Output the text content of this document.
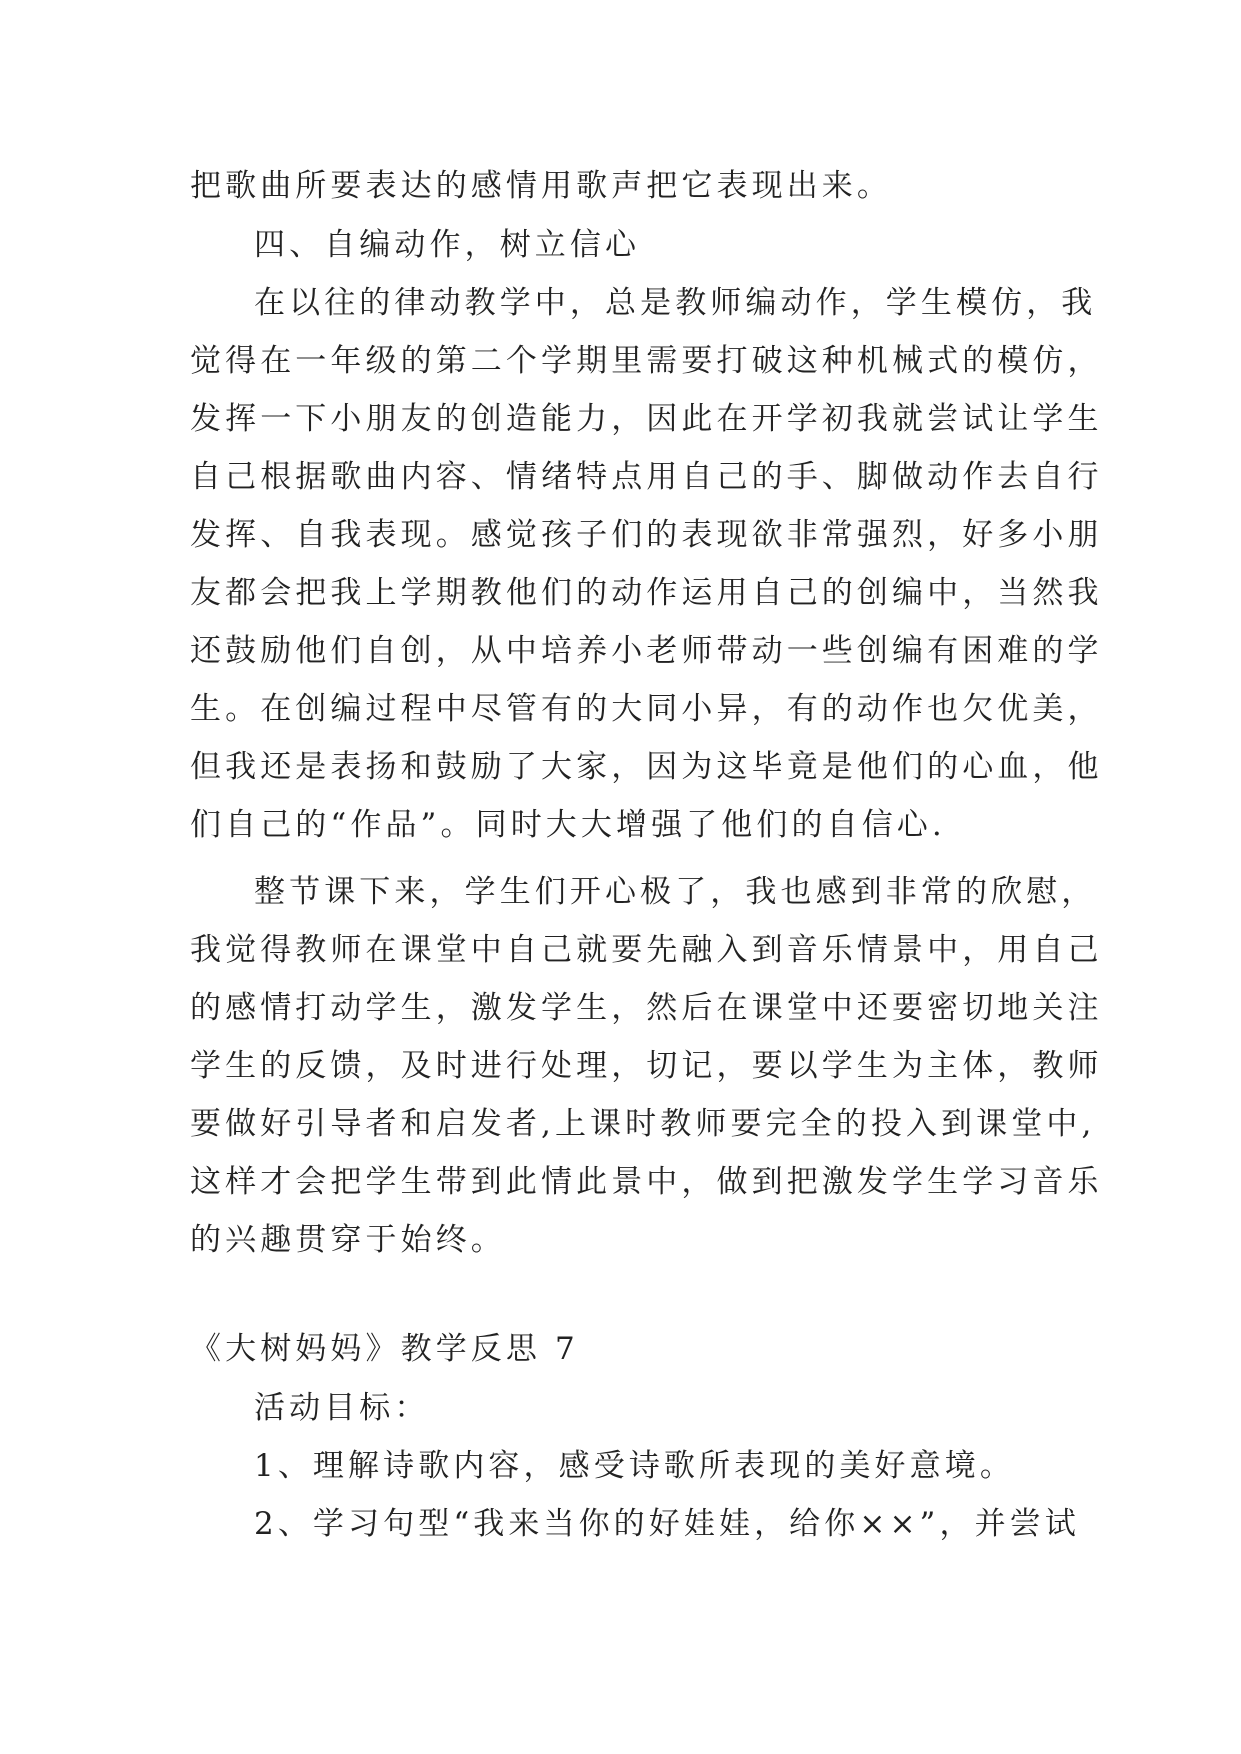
把歌曲所要表达的感情用歌声把它表现出来。
四、自编动作，树立信心
在以往的律动教学中，总是教师编动作，学生模仿，我
觉得在一年级的第二个学期里需要打破这种机械式的模仿，
发挥一下小朋友的创造能力，因此在开学初我就尝试让学生
自己根据歌曲内容、情绪特点用自己的手、脚做动作去自行
发挥、自我表现。感觉孩子们的表现欲非常强烈，好多小朋
友都会把我上学期教他们的动作运用自己的创编中，当然我
还鼓励他们自创，从中培养小老师带动一些创编有困难的学
生。在创编过程中尽管有的大同小异，有的动作也欠优美，
但我还是表扬和鼓励了大家，因为这毕竟是他们的心血，他
们自己的“作品”。同时大大增强了他们的自信心.
整节课下来，学生们开心极了，我也感到非常的欣慰，
我觉得教师在课堂中自己就要先融入到音乐情景中，用自己
的感情打动学生，激发学生，然后在课堂中还要密切地关注
学生的反馈，及时进行处理，切记，要以学生为主体，教师
要做好引导者和启发者,上课时教师要完全的投入到课堂中,
这样才会把学生带到此情此景中，做到把激发学生学习音乐
的兴趣贯穿于始终。
《大树妈妈》教学反思 7
活动目标：
1、理解诗歌内容，感受诗歌所表现的美好意境。
2、学习句型“我来当你的好娃娃，给你××”，并尝试
